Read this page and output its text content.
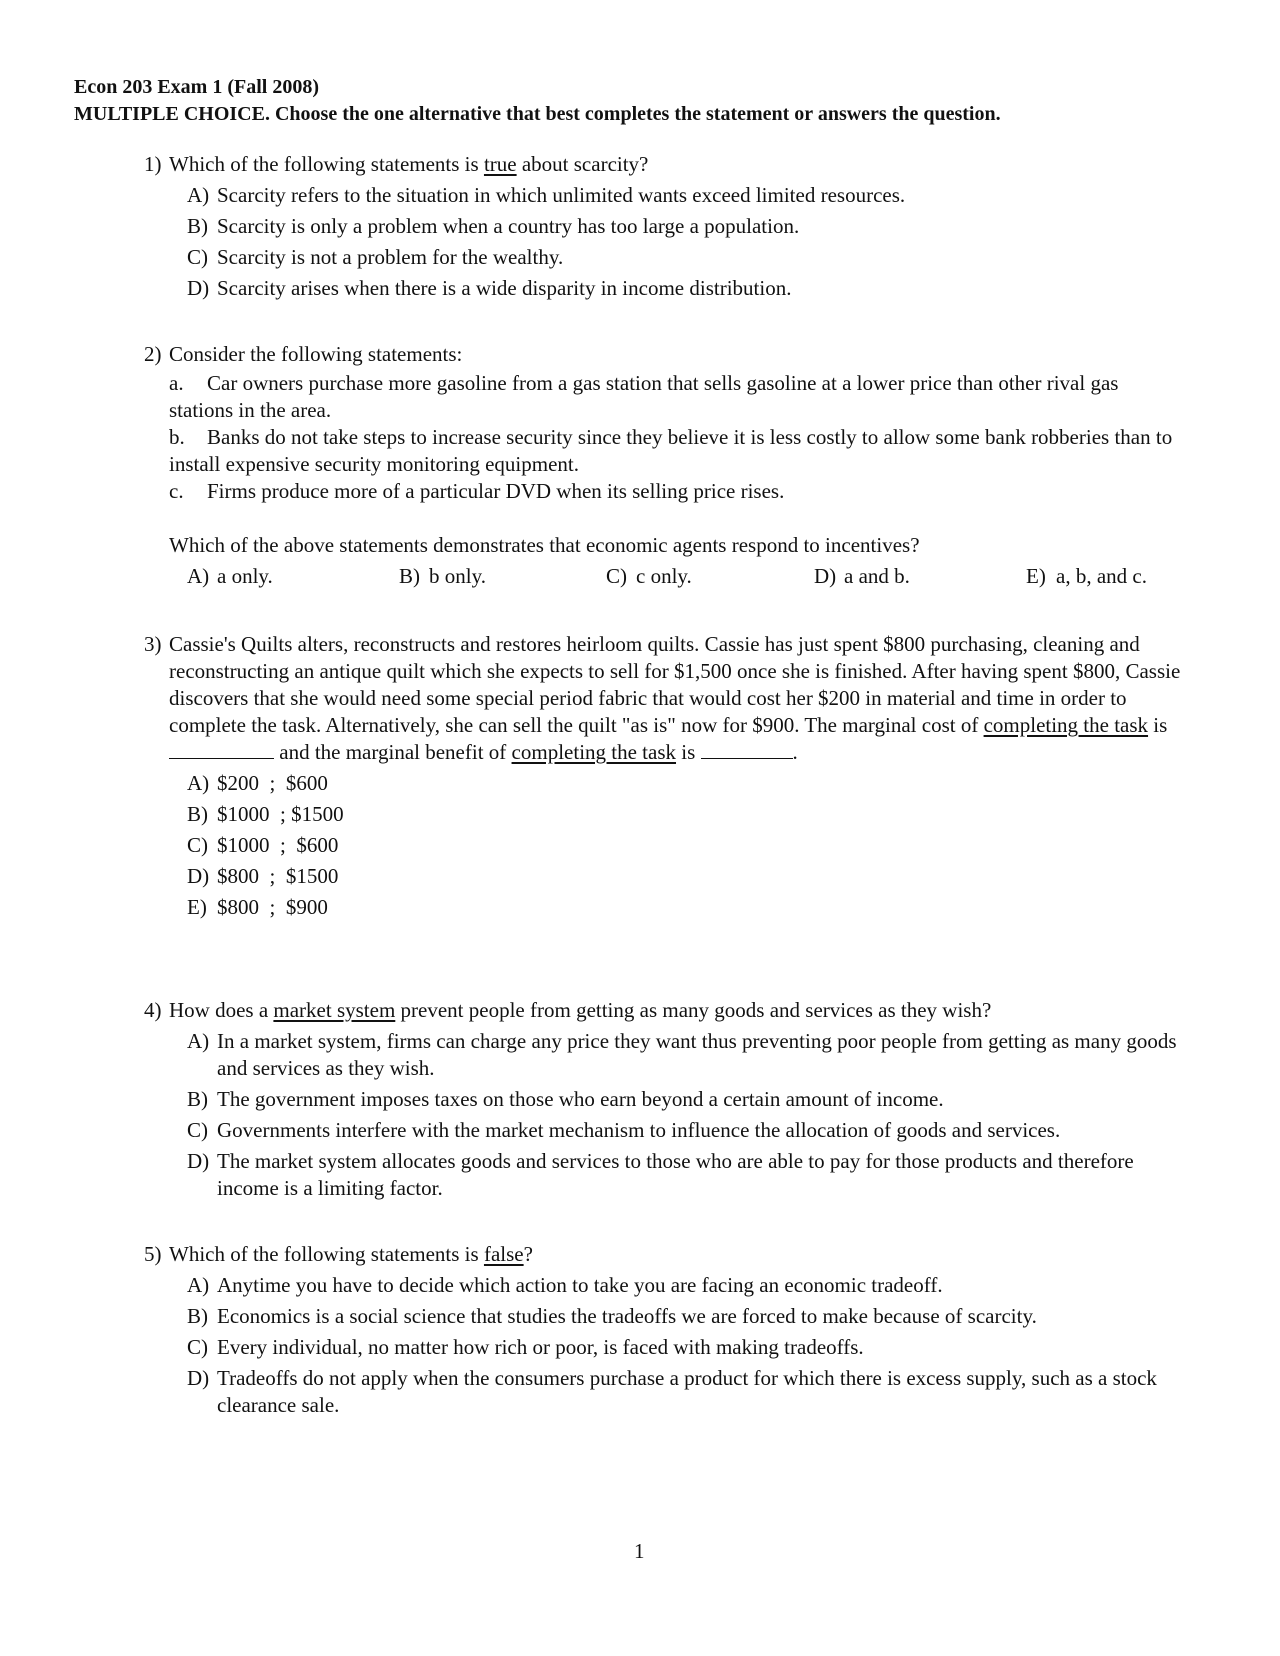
Econ 203 Exam 1 (Fall 2008)
MULTIPLE CHOICE. Choose the one alternative that best completes the statement or answers the question.
1) Which of the following statements is true about scarcity?
A) Scarcity refers to the situation in which unlimited wants exceed limited resources.
B) Scarcity is only a problem when a country has too large a population.
C) Scarcity is not a problem for the wealthy.
D) Scarcity arises when there is a wide disparity in income distribution.
2) Consider the following statements:

a. Car owners purchase more gasoline from a gas station that sells gasoline at a lower price than other rival gas stations in the area.

b. Banks do not take steps to increase security since they believe it is less costly to allow some bank robberies than to install expensive security monitoring equipment.

c. Firms produce more of a particular DVD when its selling price rises.

Which of the above statements demonstrates that economic agents respond to incentives?
A) a only.	B) b only.	C) c only.	D) a and b.	E) a, b, and c.
3) Cassie's Quilts alters, reconstructs and restores heirloom quilts. Cassie has just spent $800 purchasing, cleaning and reconstructing an antique quilt which she expects to sell for $1,500 once she is finished. After having spent $800, Cassie discovers that she would need some special period fabric that would cost her $200 in material and time in order to complete the task. Alternatively, she can sell the quilt "as is" now for $900. The marginal cost of completing the task is  and the marginal benefit of completing the task is	.
A) $200  ;  $600
B) $1000  ; $1500
C) $1000  ;  $600
D) $800  ;  $1500
E) $800  ;  $900
4) How does a market system prevent people from getting as many goods and services as they wish?
A) In a market system, firms can charge any price they want thus preventing poor people from getting as many goods and services as they wish.
B) The government imposes taxes on those who earn beyond a certain amount of income.
C) Governments interfere with the market mechanism to influence the allocation of goods and services.
D) The market system allocates goods and services to those who are able to pay for those products and therefore income is a limiting factor.
5) Which of the following statements is false?
A) Anytime you have to decide which action to take you are facing an economic tradeoff.
B) Economics is a social science that studies the tradeoffs we are forced to make because of scarcity.
C) Every individual, no matter how rich or poor, is faced with making tradeoffs.
D) Tradeoffs do not apply when the consumers purchase a product for which there is excess supply, such as a stock clearance sale.
1
